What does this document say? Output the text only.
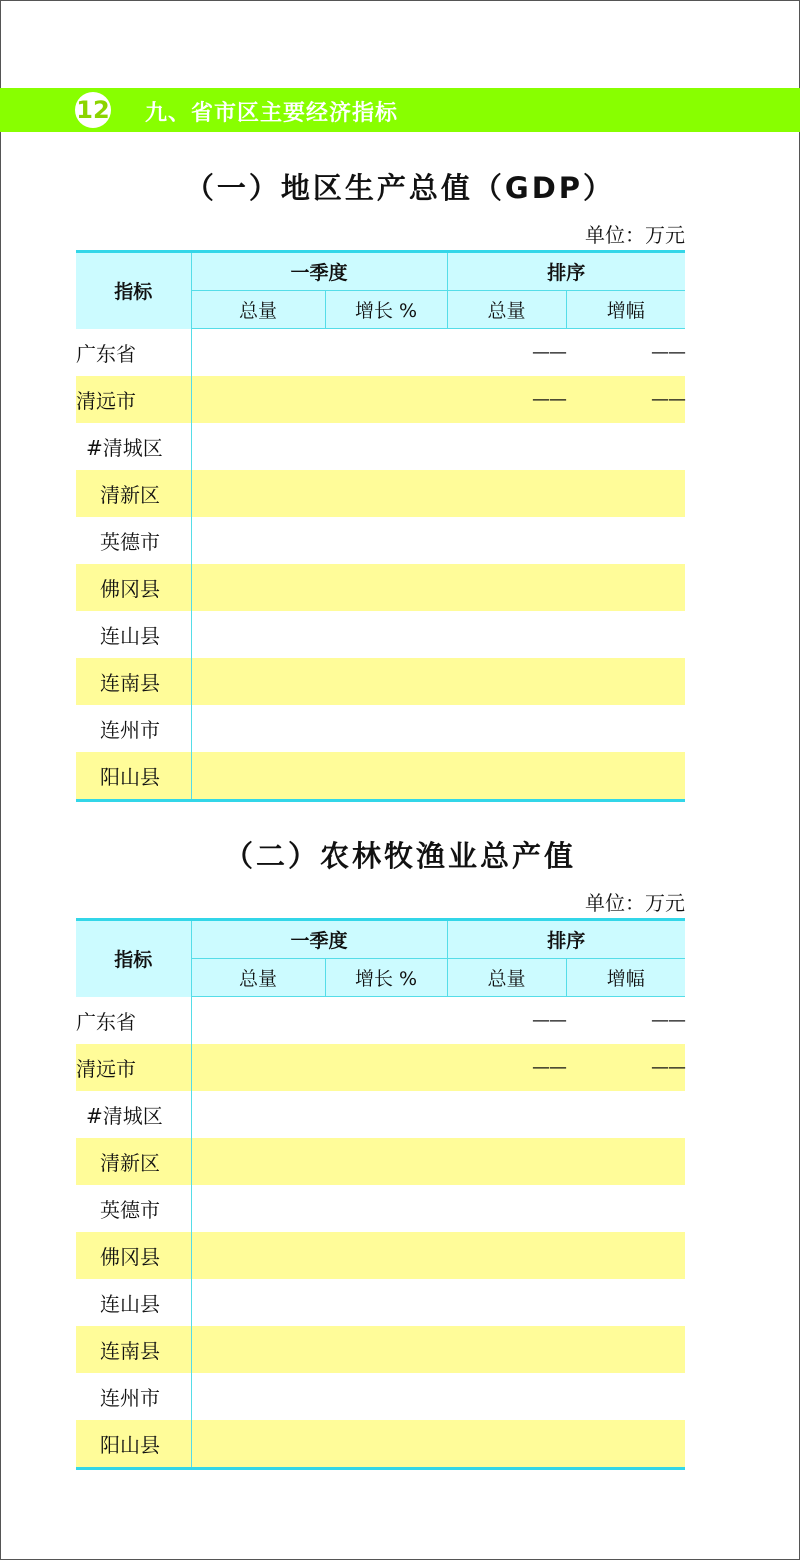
12 九、省市区主要经济指标
（一）地区生产总值（GDP）
单位：万元
指标	一季度		排序	
	总量	增长 %	总量	增幅
广东省			——	——
清远市			——	——
#清城区				
清新区				
英德市				
佛冈县				
连山县				
连南县				
连州市				
阳山县				
（二）农林牧渔业总产值
单位：万元
指标	一季度		排序	
	总量	增长 %	总量	增幅
广东省			——	——
清远市			——	——
#清城区				
清新区				
英德市				
佛冈县				
连山县				
连南县				
连州市				
阳山县				
